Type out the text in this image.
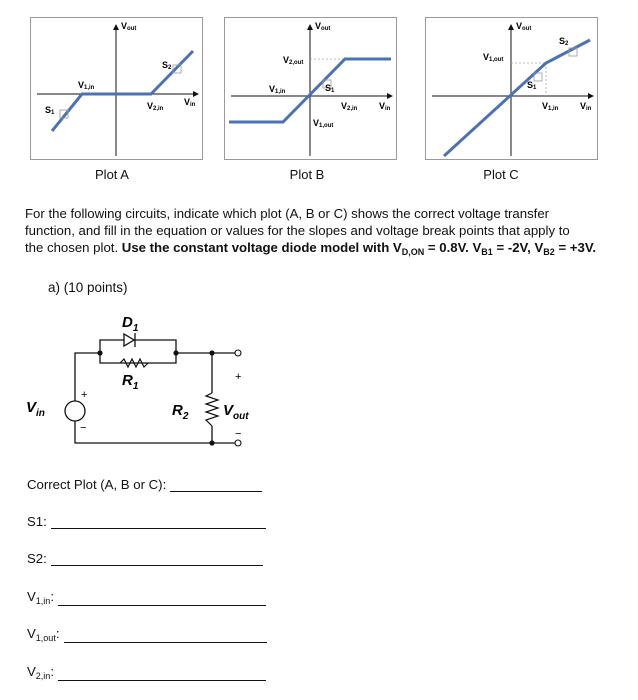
Vout
S1
S2
V1,in
V2,in
Vin
Plot A
Vout
V2,out
V1,in	S1
V2,in Vin
V1,out
Plot B
Vout
S2
V1,out
S1
V1,in Vin
Plot C
For the following circuits, indicate which plot (A, B or C) shows the correct voltage transfer
function, and fill in the equation or values for the slopes and voltage break points that apply to
the chosen plot. Use the constant voltage diode model with $V_{D,ON} = 0.8V$. $V_{B1} = -2V$, $V_{B2} = +3V$.
a) (10 points)
$D_1$
$R_1$
$R_2$
$V_{in}$	$V_{out}$
+
−
+
−
Correct Plot (A, B or C):
S1:
S2:
$V_{1,in}$:
$V_{1,out}$:
$V_{2,in}$:
